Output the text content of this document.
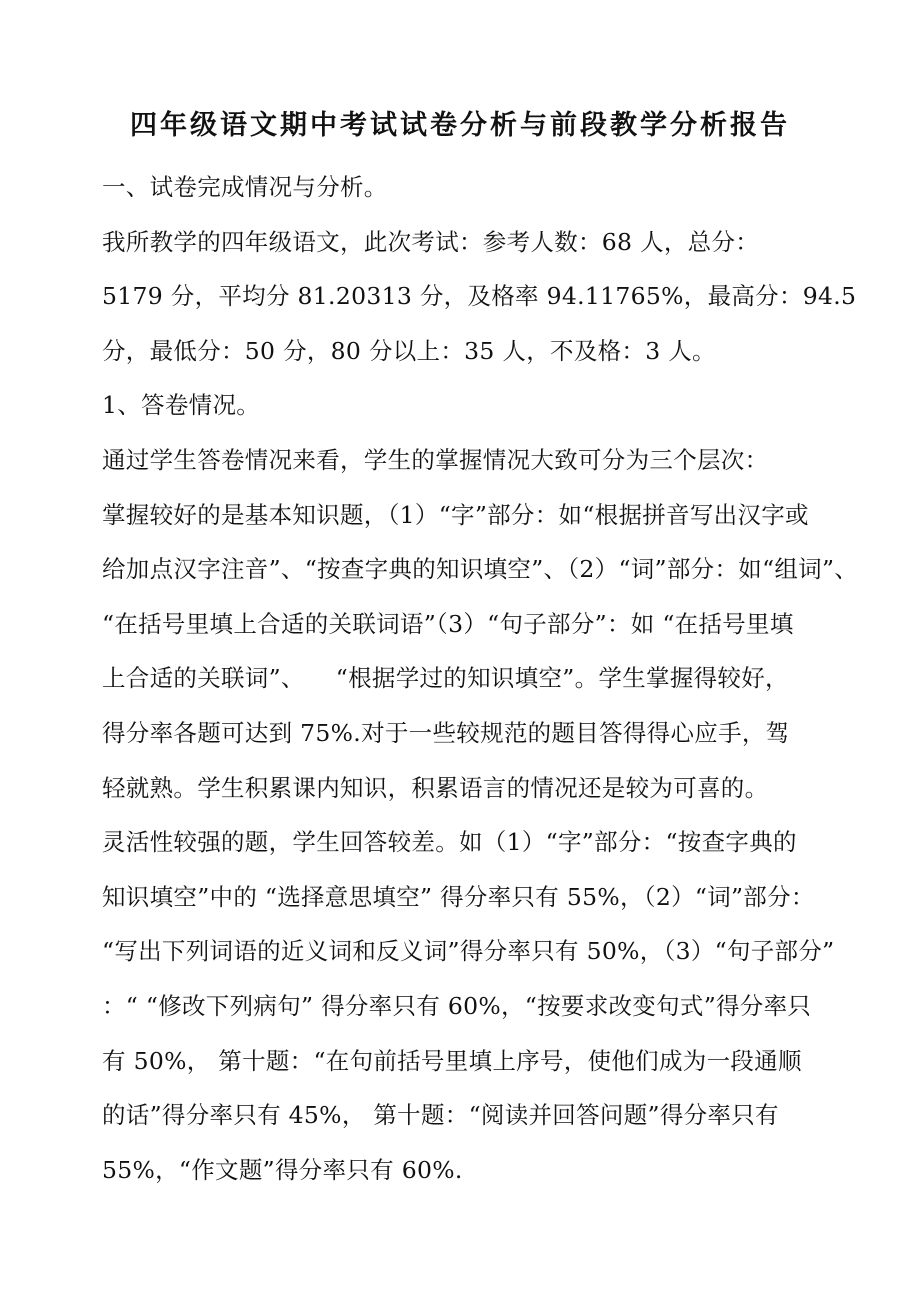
四年级语文期中考试试卷分析与前段教学分析报告
一、试卷完成情况与分析。
我所教学的四年级语文，此次考试：参考人数：68 人，总分：
5179 分，平均分 81.20313 分，及格率 94.11765%，最高分：94.5
分，最低分：50 分，80 分以上：35 人，不及格：3 人。
1、答卷情况。
通过学生答卷情况来看，学生的掌握情况大致可分为三个层次：
掌握较好的是基本知识题，（1）“字”部分：如“根据拼音写出汉字或
给加点汉字注音”、“按查字典的知识填空”、（2）“词”部分：如“组词”、
“在括号里填上合适的关联词语”（3）“句子部分”：如 “在括号里填
上合适的关联词”、    “根据学过的知识填空”。学生掌握得较好，
得分率各题可达到 75%.对于一些较规范的题目答得得心应手，驾
轻就熟。学生积累课内知识，积累语言的情况还是较为可喜的。
灵活性较强的题，学生回答较差。如（1）“字”部分：“按查字典的
知识填空”中的 “选择意思填空” 得分率只有 55%，（2）“词”部分：
“写出下列词语的近义词和反义词”得分率只有 50%，（3）“句子部分”
：“ “修改下列病句” 得分率只有 60%，“按要求改变句式”得分率只
有 50%， 第十题：“在句前括号里填上序号，使他们成为一段通顺
的话”得分率只有 45%， 第十题：“阅读并回答问题”得分率只有
55%，“作文题”得分率只有 60%.
